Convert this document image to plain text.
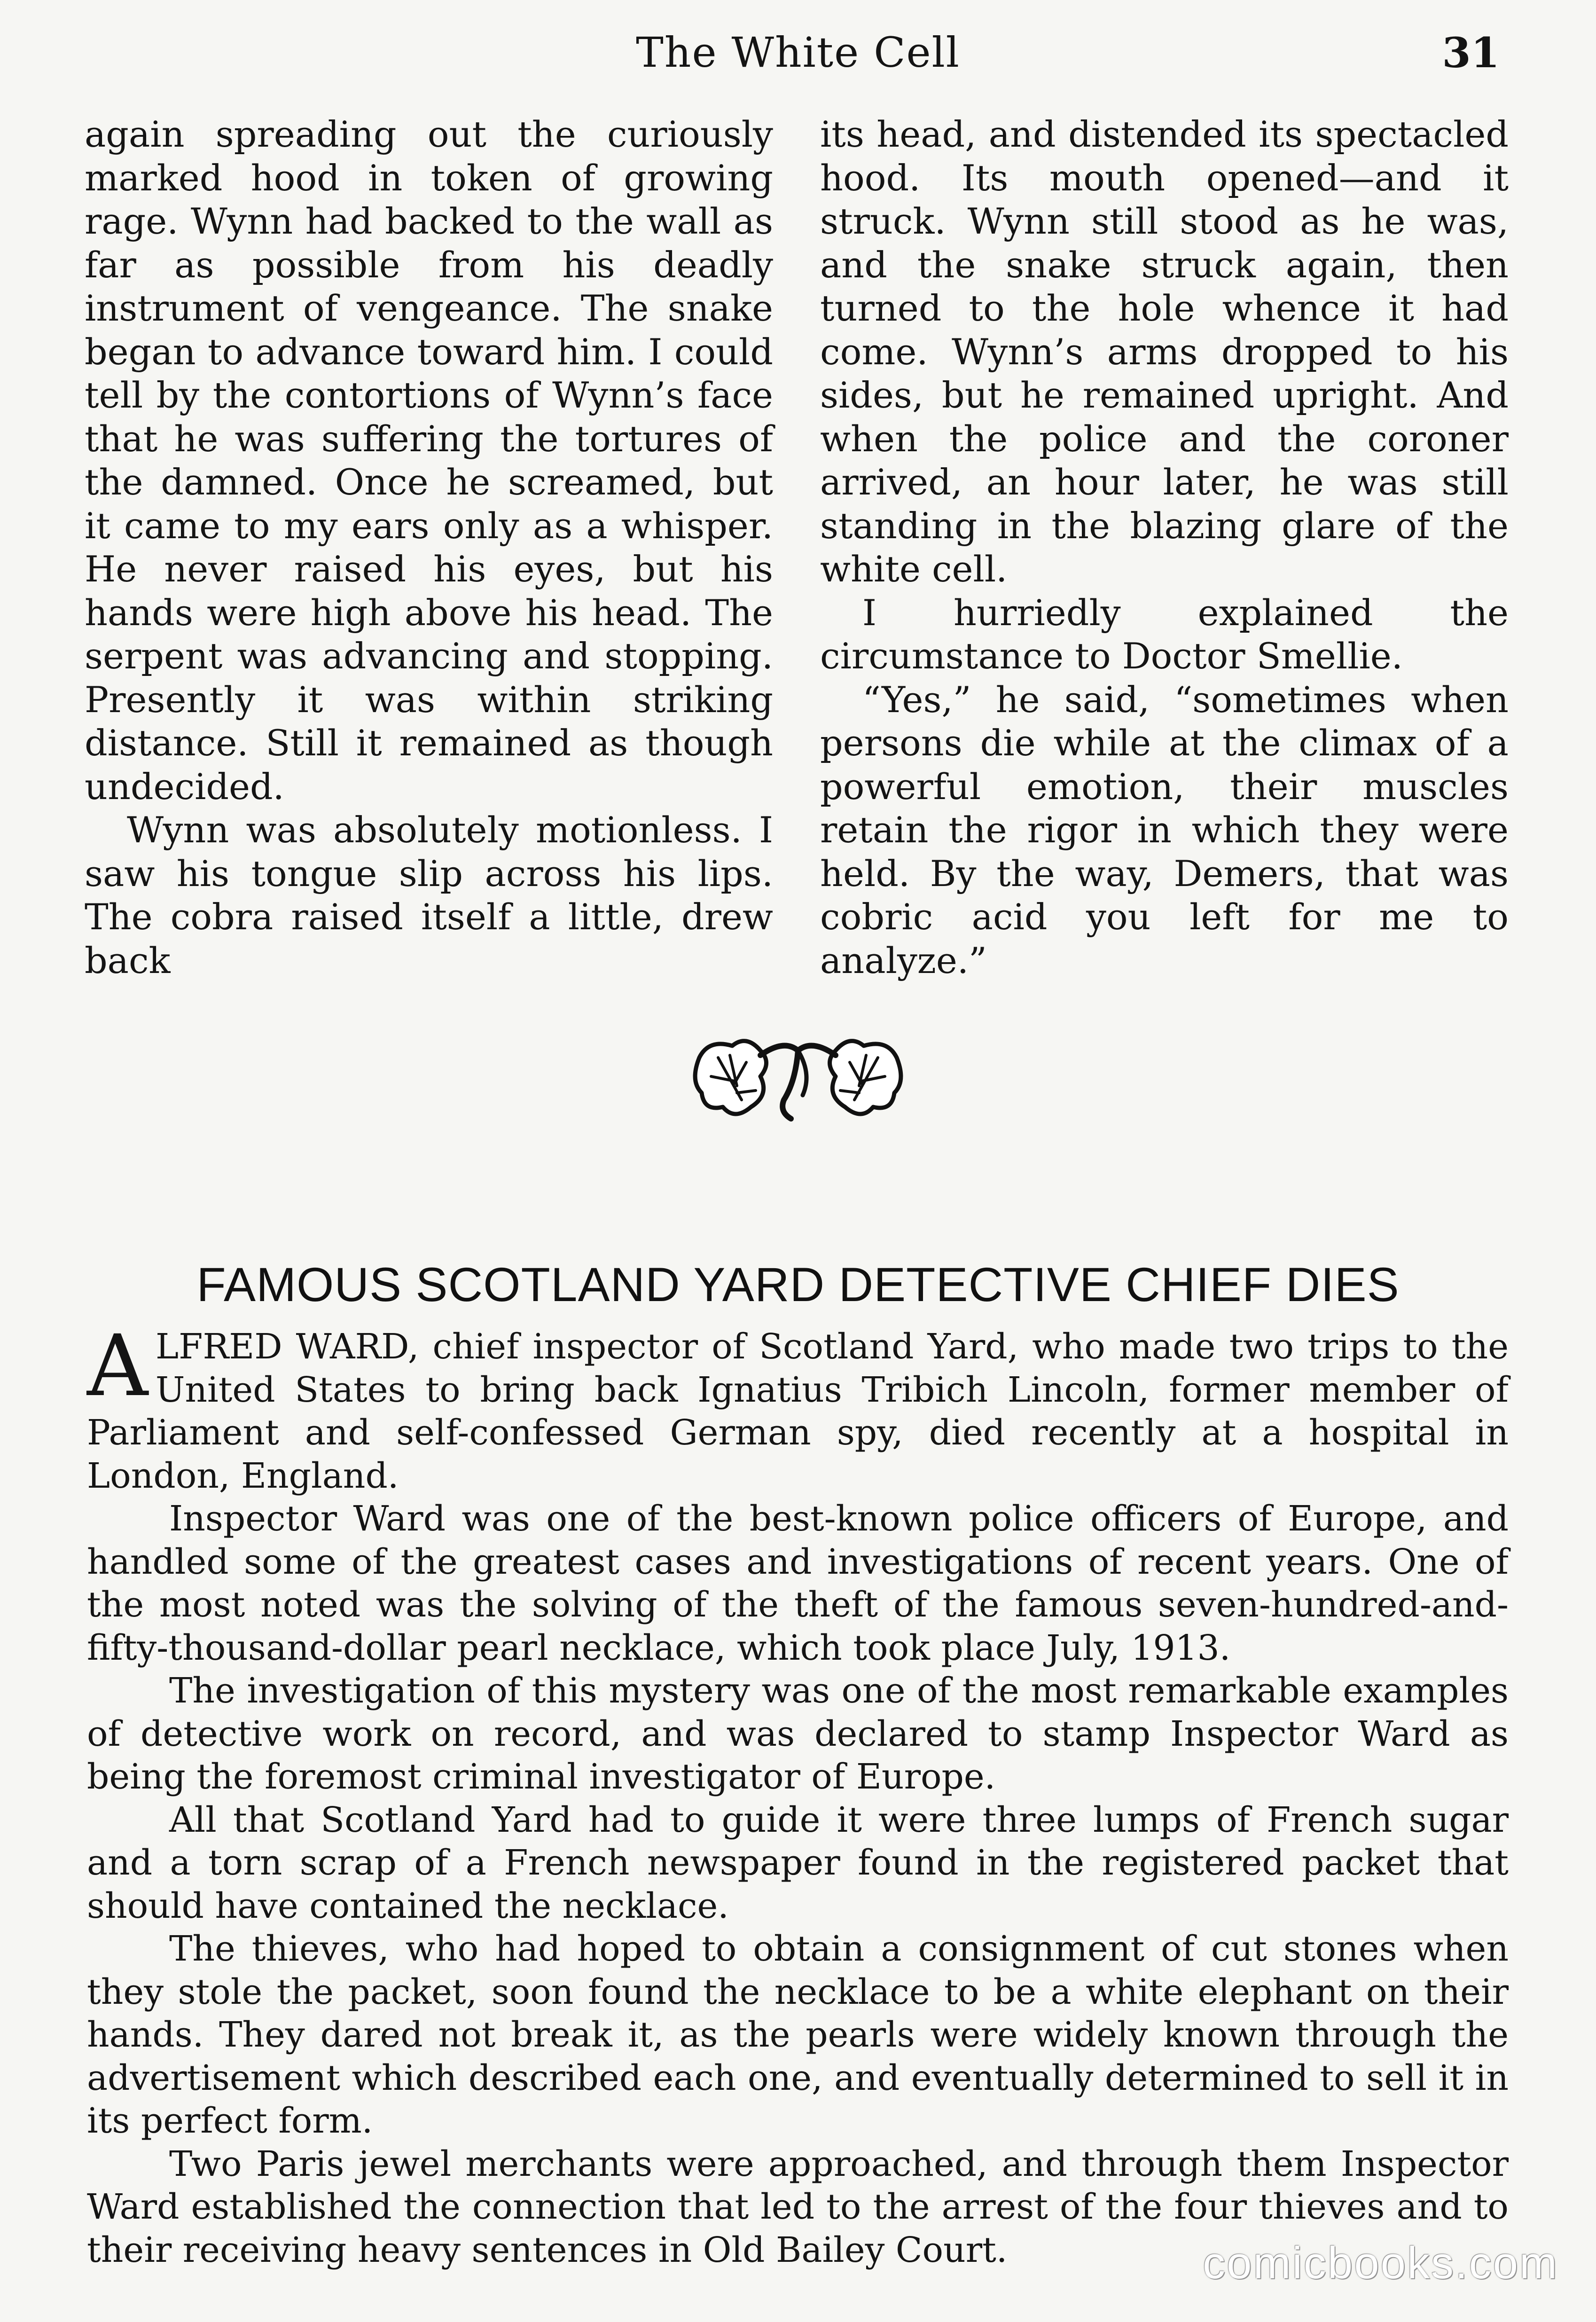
The White Cell	31

again spreading out the curiously marked hood in token of growing rage. Wynn had backed to the wall as far as possible from his deadly instrument of vengeance. The snake began to advance toward him. I could tell by the contortions of Wynn’s face that he was suffering the tortures of the damned. Once he screamed, but it came to my ears only as a whisper. He never raised his eyes, but his hands were high above his head. The serpent was advancing and stopping. Presently it was within striking distance. Still it remained as though undecided.

Wynn was absolutely motionless. I saw his tongue slip across his lips. The cobra raised itself a little, drew back

its head, and distended its spectacled hood. Its mouth opened—and it struck. Wynn still stood as he was, and the snake struck again, then turned to the hole whence it had come. Wynn’s arms dropped to his sides, but he remained upright. And when the police and the coroner arrived, an hour later, he was still standing in the blazing glare of the white cell.

I hurriedly explained the circumstance to Doctor Smellie.

“Yes,” he said, “sometimes when persons die while at the climax of a powerful emotion, their muscles retain the rigor in which they were held. By the way, Demers, that was cobric acid you left for me to analyze.”

FAMOUS SCOTLAND YARD DETECTIVE CHIEF DIES

ALFRED WARD, chief inspector of Scotland Yard, who made two trips to the United States to bring back Ignatius Tribich Lincoln, former member of Parliament and self-confessed German spy, died recently at a hospital in London, England.

Inspector Ward was one of the best-known police officers of Europe, and handled some of the greatest cases and investigations of recent years. One of the most noted was the solving of the theft of the famous seven-hundred-and-fifty-thousand-dollar pearl necklace, which took place July, 1913.

The investigation of this mystery was one of the most remarkable examples of detective work on record, and was declared to stamp Inspector Ward as being the foremost criminal investigator of Europe.

All that Scotland Yard had to guide it were three lumps of French sugar and a torn scrap of a French newspaper found in the registered packet that should have contained the necklace.

The thieves, who had hoped to obtain a consignment of cut stones when they stole the packet, soon found the necklace to be a white elephant on their hands. They dared not break it, as the pearls were widely known through the advertisement which described each one, and eventually determined to sell it in its perfect form.

Two Paris jewel merchants were approached, and through them Inspector Ward established the connection that led to the arrest of the four thieves and to their receiving heavy sentences in Old Bailey Court.	comicbooks.com
